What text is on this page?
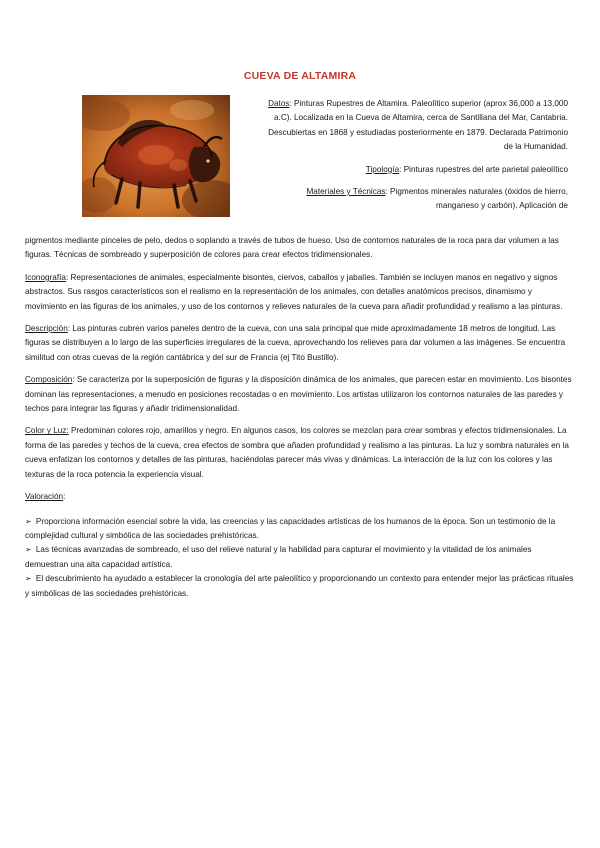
CUEVA DE ALTAMIRA

Datos: Pinturas Rupestres de Altamira. Paleolítico superior (aprox 36,000 a 13,000 a.C). Localizada en la Cueva de Altamira, cerca de Santillana del Mar, Cantabria. Descubiertas en 1868 y estudiadas posteriormente en 1879. Declarada Patrimonio de la Humanidad.

Tipología: Pinturas rupestres del arte parietal paleolítico

Materiales y Técnicas: Pigmentos minerales naturales (óxidos de hierro, manganeso y carbón). Aplicación de

pigmentos mediante pinceles de pelo, dedos o soplando a través de tubos de hueso. Uso de contornos naturales de la roca para dar volumen a las figuras. Técnicas de sombreado y superposición de colores para crear efectos tridimensionales.

Iconografía: Representaciones de animales, especialmente bisontes, ciervos, caballos y jabalíes. También se incluyen manos en negativo y signos abstractos. Sus rasgos característicos son el realismo en la representación de los animales, con detalles anatómicos precisos, dinamismo y movimiento en las figuras de los animales, y uso de los contornos y relieves naturales de la cueva para añadir profundidad y realismo a las pinturas.

Descripción: Las pinturas cubren varios paneles dentro de la cueva, con una sala principal que mide aproximadamente 18 metros de longitud. Las figuras se distribuyen a lo largo de las superficies irregulares de la cueva, aprovechando los relieves para dar volumen a las imágenes. Se encuentra similitud con otras cuevas de la región cantábrica y del sur de Francia (ej Tito Bustillo).

Composición: Se caracteriza por la superposición de figuras y la disposición dinámica de los animales, que parecen estar en movimiento. Los bisontes dominan las representaciones, a menudo en posiciones recostadas o en movimiento. Los artistas utilizaron los contornos naturales de las paredes y techos para integrar las figuras y añadir tridimensionalidad.

Color y Luz: Predominan colores rojo, amarillos y negro. En algunos casos, los colores se mezclan para crear sombras y efectos tridimensionales. La forma de las paredes y techos de la cueva, crea efectos de sombra que añaden profundidad y realismo a las pinturas. La luz y sombra naturales en la cueva enfatizan los contornos y detalles de las pinturas, haciéndolas parecer más vivas y dinámicas. La interacción de la luz con los colores y las texturas de la roca potencia la experiencia visual.

Valoración:

➢ Proporciona información esencial sobre la vida, las creencias y las capacidades artísticas de los humanos de la época. Son un testimonio de la complejidad cultural y simbólica de las sociedades prehistóricas.

➢ Las técnicas avanzadas de sombreado, el uso del relieve natural y la habilidad para capturar el movimiento y la vitalidad de los animales demuestran una alta capacidad artística.

➢ El descubrimiento ha ayudado a establecer la cronología del arte paleolítico y proporcionando un contexto para entender mejor las prácticas rituales y simbólicas de las sociedades prehistóricas.
